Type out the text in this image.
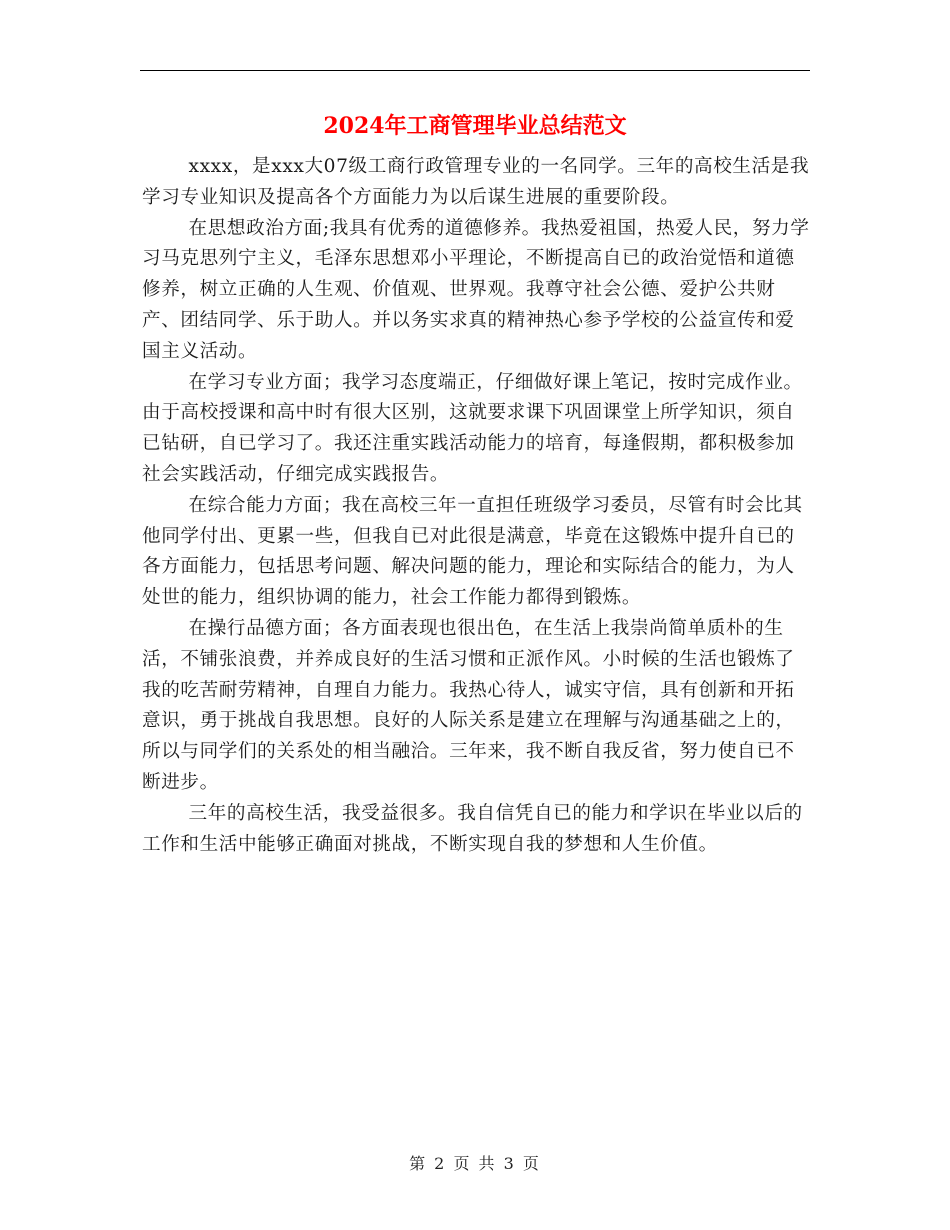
2024年工商管理毕业总结范文

xxxx，是xxx大07级工商行政管理专业的一名同学。三年的高校生活是我学习专业知识及提高各个方面能力为以后谋生进展的重要阶段。

在思想政治方面;我具有优秀的道德修养。我热爱祖国，热爱人民，努力学习马克思列宁主义，毛泽东思想邓小平理论，不断提高自已的政治觉悟和道德修养，树立正确的人生观、价值观、世界观。我尊守社会公德、爱护公共财产、团结同学、乐于助人。并以务实求真的精神热心参予学校的公益宣传和爱国主义活动。

在学习专业方面；我学习态度端正，仔细做好课上笔记，按时完成作业。由于高校授课和高中时有很大区别，这就要求课下巩固课堂上所学知识，须自已钻研，自已学习了。我还注重实践活动能力的培育，每逢假期，都积极参加社会实践活动，仔细完成实践报告。

在综合能力方面；我在高校三年一直担任班级学习委员，尽管有时会比其他同学付出、更累一些，但我自已对此很是满意，毕竟在这锻炼中提升自已的各方面能力，包括思考问题、解决问题的能力，理论和实际结合的能力，为人处世的能力，组织协调的能力，社会工作能力都得到锻炼。

在操行品德方面；各方面表现也很出色，在生活上我崇尚简单质朴的生活，不铺张浪费，并养成良好的生活习惯和正派作风。小时候的生活也锻炼了我的吃苦耐劳精神，自理自力能力。我热心待人，诚实守信，具有创新和开拓意识，勇于挑战自我思想。良好的人际关系是建立在理解与沟通基础之上的，所以与同学们的关系处的相当融洽。三年来，我不断自我反省，努力使自已不断进步。

三年的高校生活，我受益很多。我自信凭自已的能力和学识在毕业以后的工作和生活中能够正确面对挑战，不断实现自我的梦想和人生价值。

第 2 页 共 3 页
